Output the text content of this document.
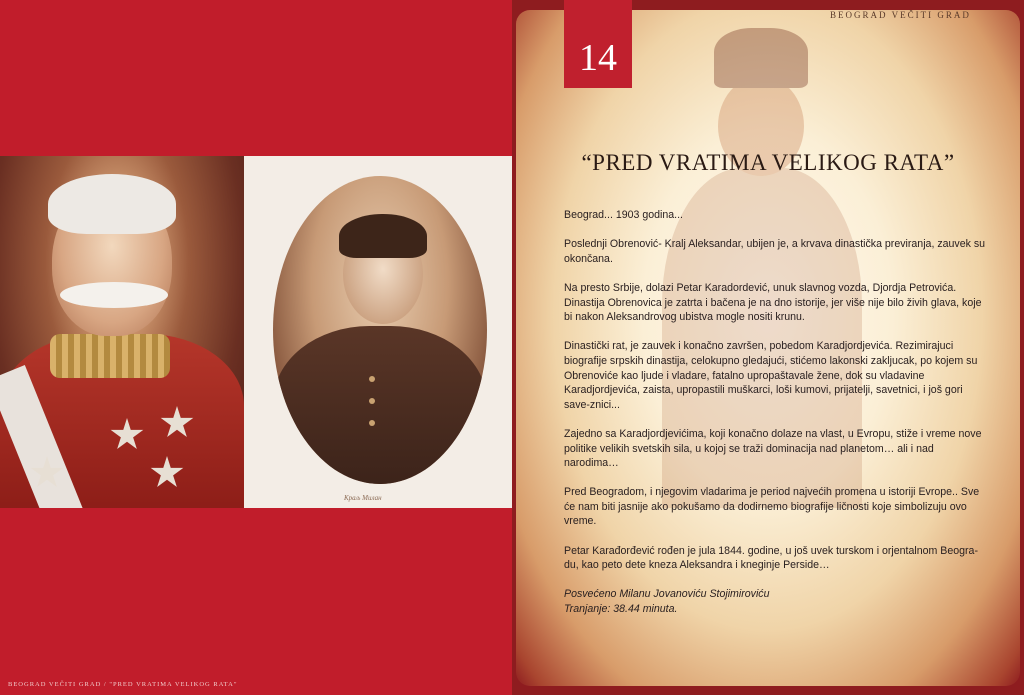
Краљ Милан
BEOGRAD VEČITI GRAD / "PRED VRATIMA VELIKOG RATA"
14
BEOGRAD VEČITI GRAD
“PRED VRATIMA VELIKOG RATA”

Beograd... 1903 godina...

Poslednji Obrenović- Kralj Aleksandar, ubijen je, a krvava dinastička previranja, zauvek su okončana.

Na presto Srbije, dolazi Petar Karadordević, unuk slavnog vozda, Djordja Petrovića. Dinastija Obrenovica je zatrta i bačena je na dno istorije, jer više nije bilo živih glava, koje bi nakon Aleksandrovog ubistva mogle nositi krunu.

Dinastički rat, je zauvek i konačno završen, pobedom Karadjordjevića. Rezimirajuci biografije srpskih dinastija, celokupno gledajući, stićemo lakonski zaklјucak, po kojem su Obrenoviće kao ljude i vladare, fatalno upropaštavale žene, dok su vladavine Karadjordjevića, zaista, upropastili muškarci, loši kumovi, prijatelji, savetnici, i još gori save-znici...

Zajedno sa Karadjordjevićima, koji konačno dolaze na vlast, u Evropu, stiže i vreme nove politike velikih svetskih sila, u kojoj se traži dominacija nad planetom… ali i nad narodima…

Pred Beogradom, i njegovim vladarima je period najvećih promena u istoriji Evrope.. Sve će nam biti jasnije ako pokušamo da dodirnemo biografije ličnosti koje simbolizuju ovo vreme.

Petar Karađorđević rođen je jula 1844. godine, u još uvek turskom i orjentalnom Beogra-du, kao peto dete kneza Aleksandra i kneginje Perside…

Posvećeno Milanu Jovanoviću Stojimiroviću
Tranjanje: 38.44 minuta.
